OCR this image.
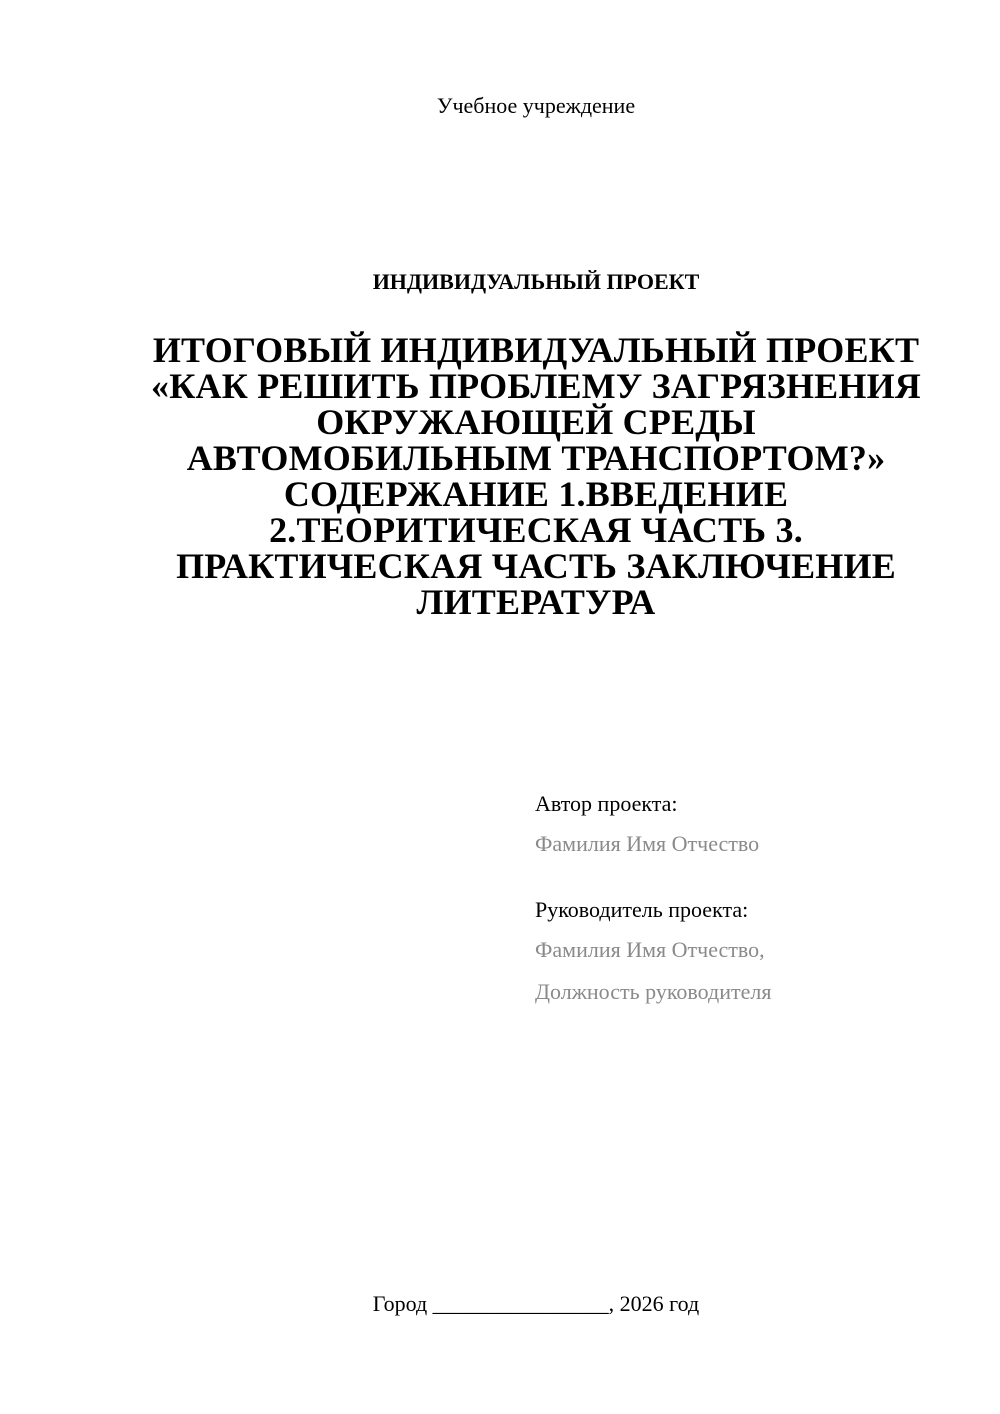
Учебное учреждение
ИНДИВИДУАЛЬНЫЙ ПРОЕКТ
ИТОГОВЫЙ ИНДИВИДУАЛЬНЫЙ ПРОЕКТ «КАК РЕШИТЬ ПРОБЛЕМУ ЗАГРЯЗНЕНИЯ ОКРУЖАЮЩЕЙ СРЕДЫ АВТОМОБИЛЬНЫМ ТРАНСПОРТОМ?» СОДЕРЖАНИЕ 1.ВВЕДЕНИЕ 2.ТЕОРИТИЧЕСКАЯ ЧАСТЬ 3. ПРАКТИЧЕСКАЯ ЧАСТЬ ЗАКЛЮЧЕНИЕ ЛИТЕРАТУРА
Автор проекта:
Фамилия Имя Отчество
Руководитель проекта:
Фамилия Имя Отчество,
Должность руководителя
Город ________________, 2026 год
